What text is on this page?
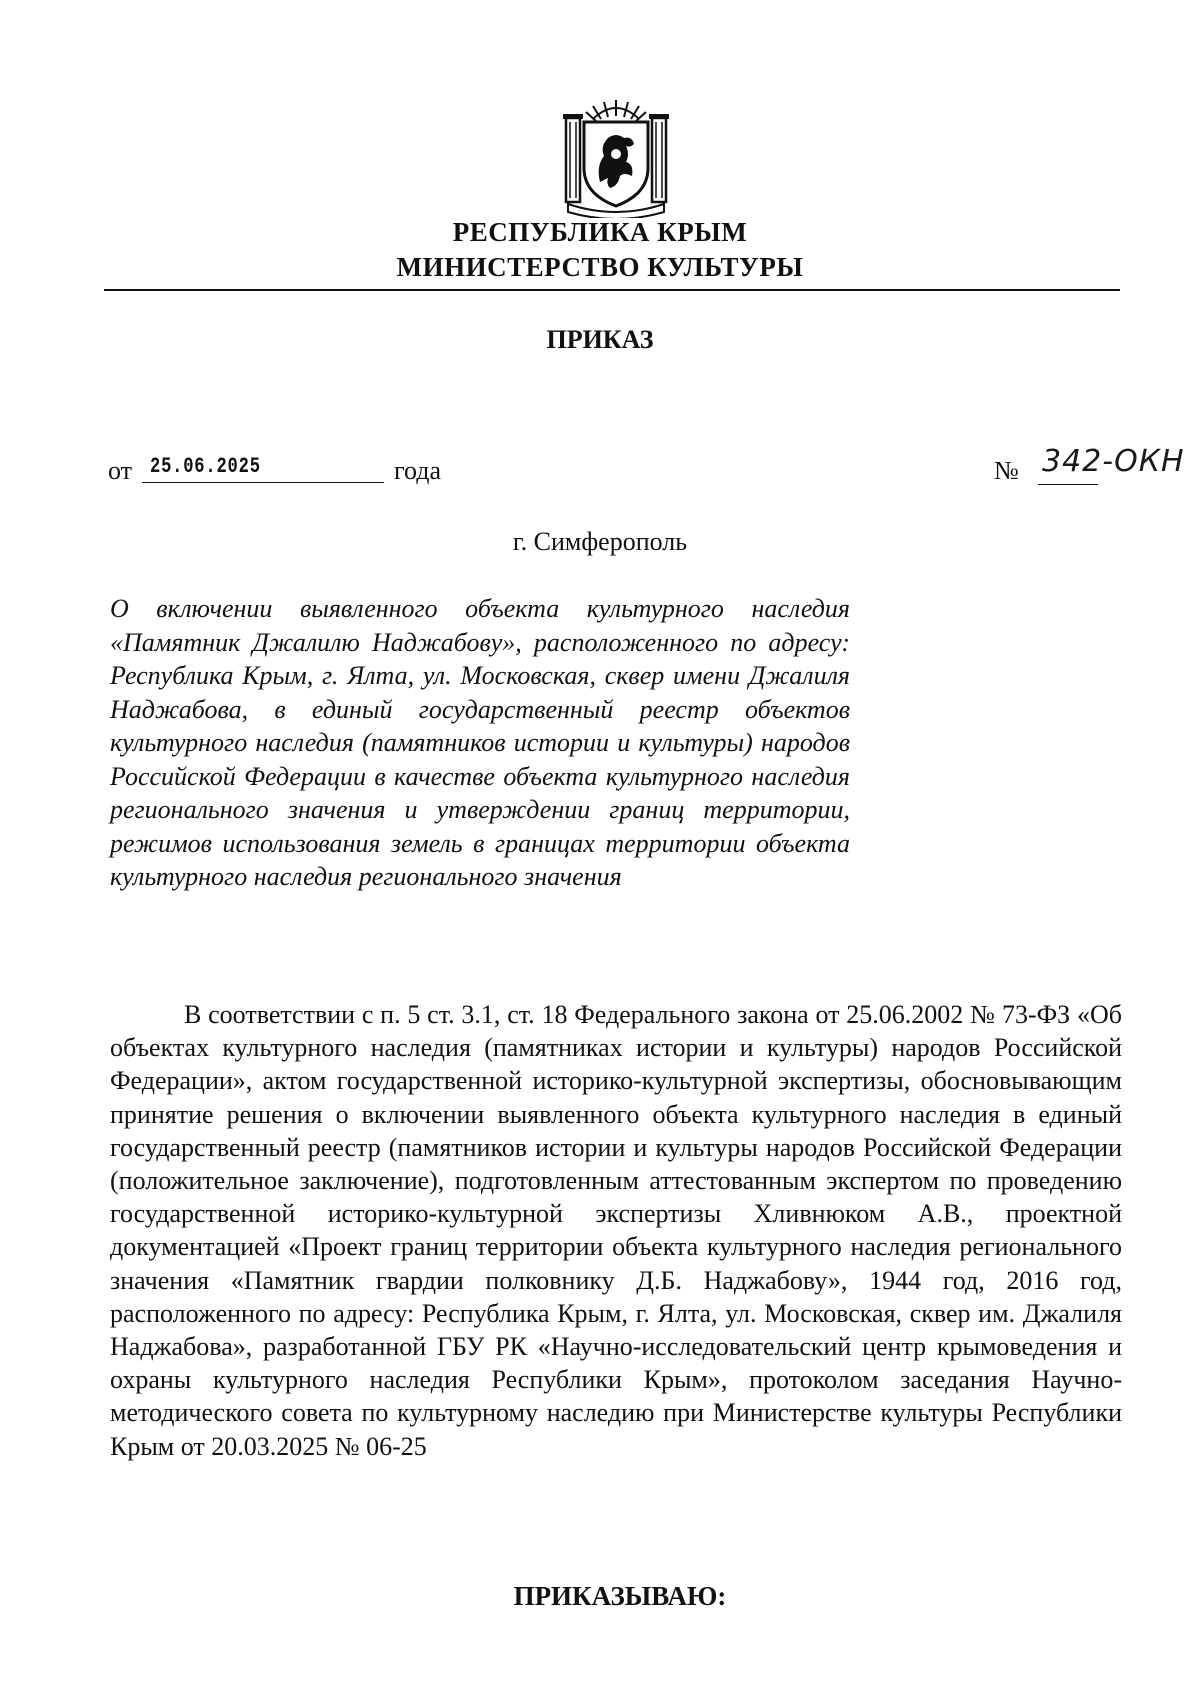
РЕСПУБЛИКА КРЫМ
МИНИСТЕРСТВО КУЛЬТУРЫ
ПРИКАЗ
от 25.06.2025	года	№ 342-ОКН
г. Симферополь
О включении выявленного объекта культурного наследия «Памятник Джалилю Наджабову», расположенного по адресу: Республика Крым, г. Ялта, ул. Московская, сквер имени Джалиля Наджабова, в единый государственный реестр объектов культурного наследия (памятников истории и культуры) народов Российской Федерации в качестве объекта культурного наследия регионального значения и утверждении границ территории, режимов использования земель в границах территории объекта культурного наследия регионального значения
В соответствии с п. 5 ст. 3.1, ст. 18 Федерального закона от 25.06.2002 № 73-ФЗ «Об объектах культурного наследия (памятниках истории и культуры) народов Российской Федерации», актом государственной историко-культурной экспертизы, обосновывающим принятие решения о включении выявленного объекта культурного наследия в единый государственный реестр (памятников истории и культуры народов Российской Федерации (положительное заключение), подготовленным аттестованным экспертом по проведению государственной историко-культурной экспертизы Хливнюком А.В., проектной документацией «Проект границ территории объекта культурного наследия регионального значения «Памятник гвардии полковнику Д.Б. Наджабову», 1944 год, 2016 год, расположенного по адресу: Республика Крым, г. Ялта, ул. Московская, сквер им. Джалиля Наджабова», разработанной ГБУ РК «Научно-исследовательский центр крымоведения и охраны культурного наследия Республики Крым», протоколом заседания Научно-методического совета по культурному наследию при Министерстве культуры Республики Крым от 20.03.2025 № 06-25
ПРИКАЗЫВАЮ:
